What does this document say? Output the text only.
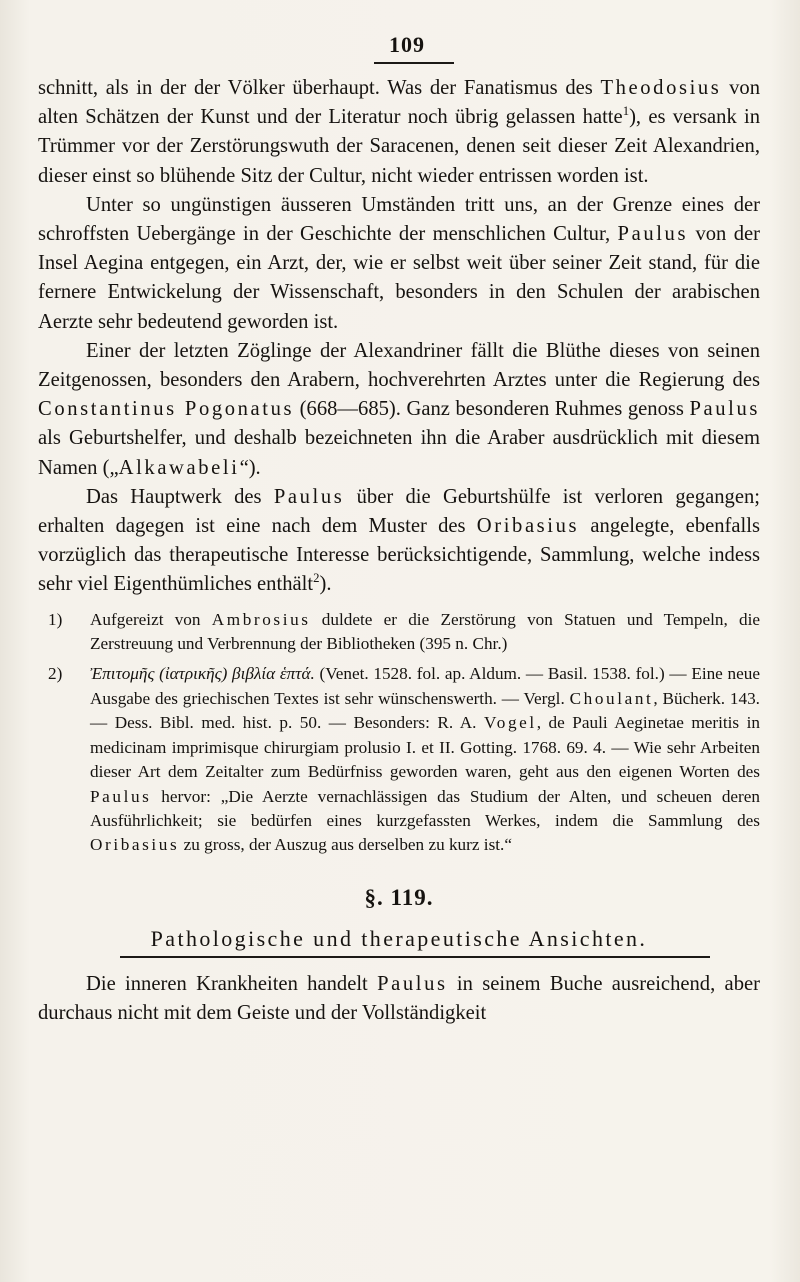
109

schnitt, als in der der Völker überhaupt. Was der Fanatismus des Theodosius von alten Schätzen der Kunst und der Literatur noch übrig gelassen hatte$^1$), es versank in Trümmer vor der Zerstörungswuth der Saracenen, denen seit dieser Zeit Alexandrien, dieser einst so blühende Sitz der Cultur, nicht wieder entrissen worden ist.

Unter so ungünstigen äusseren Umständen tritt uns, an der Grenze eines der schroffsten Uebergänge in der Geschichte der menschlichen Cultur, Paulus von der Insel Aegina entgegen, ein Arzt, der, wie er selbst weit über seiner Zeit stand, für die fernere Entwickelung der Wissenschaft, besonders in den Schulen der arabischen Aerzte sehr bedeutend geworden ist.

Einer der letzten Zöglinge der Alexandriner fällt die Blüthe dieses von seinen Zeitgenossen, besonders den Arabern, hochverehrten Arztes unter die Regierung des Constantinus Pogonatus (668—685). Ganz besonderen Ruhmes genoss Paulus als Geburtshelfer, und deshalb bezeichneten ihn die Araber ausdrücklich mit diesem Namen („Alkawabeli“).

Das Hauptwerk des Paulus über die Geburtshülfe ist verloren gegangen; erhalten dagegen ist eine nach dem Muster des Oribasius angelegte, ebenfalls vorzüglich das therapeutische Interesse berücksichtigende, Sammlung, welche indess sehr viel Eigenthümliches enthält$^2$).

1)	Aufgereizt von Ambrosius duldete er die Zerstörung von Statuen und Tempeln, die Zerstreuung und Verbrennung der Bibliotheken (395 n. Chr.)
2)	Ἐπιτομῆς (ἰατρικῆς) βιβλία ἑπτά. (Venet. 1528. fol. ap. Aldum. — Basil. 1538. fol.) — Eine neue Ausgabe des griechischen Textes ist sehr wünschenswerth. — Vergl. Choulant, Bücherk. 143. — Dess. Bibl. med. hist. p. 50. — Besonders: R. A. Vogel, de Pauli Aeginetae meritis in medicinam imprimisque chirurgiam prolusio I. et II. Gotting. 1768. 69. 4. — Wie sehr Arbeiten dieser Art dem Zeitalter zum Bedürfniss geworden waren, geht aus den eigenen Worten des Paulus hervor: „Die Aerzte vernachlässigen das Studium der Alten, und scheuen deren Ausführlichkeit; sie bedürfen eines kurzgefassten Werkes, indem die Sammlung des Oribasius zu gross, der Auszug aus derselben zu kurz ist.“
§. 119.
Pathologische und therapeutische Ansichten.

Die inneren Krankheiten handelt Paulus in seinem Buche ausreichend, aber durchaus nicht mit dem Geiste und der Vollständigkeit
